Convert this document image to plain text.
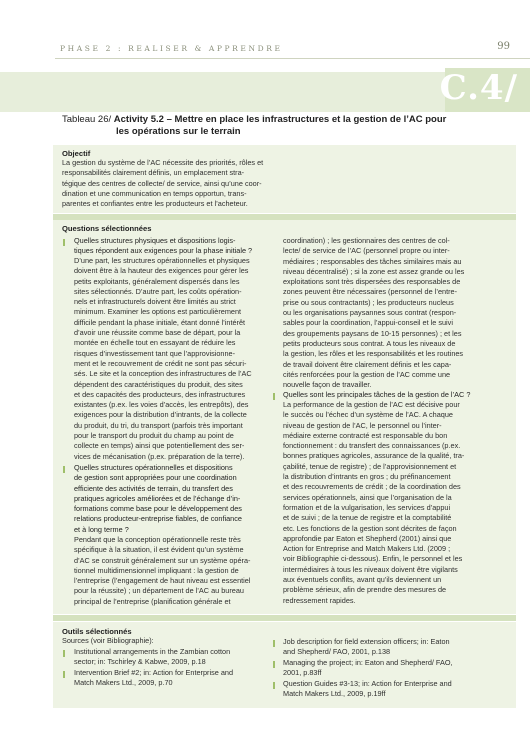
PHASE 2 : REALISER & APPRENDRE	99
C.4/
Tableau 26/ Activity 5.2 – Mettre en place les infrastructures et la gestion de l’AC pour
les opérations sur le terrain
Objectif
La gestion du système de l’AC nécessite des priorités, rôles et
responsabilités clairement définis, un emplacement stra-
tégique des centres de collecte/ de service, ainsi qu’une coor-
dination et une communication en temps opportun, trans-
parentes et confiantes entre les producteurs et l’acheteur.
Questions sélectionnées
Quelles structures physiques et dispositions logis-
tiques répondent aux exigences pour la phase initiale ?
D’une part, les structures opérationnelles et physiques
doivent être à la hauteur des exigences pour gérer les
petits exploitants, généralement dispersés dans les
sites sélectionnés. D’autre part, les coûts opération-
nels et infrastructurels doivent être limités au strict
minimum. Examiner les options est particulièrement
difficile pendant la phase initiale, étant donné l’intérêt
d’avoir une réussite comme base de départ, pour la
montée en échelle tout en essayant de réduire les
risques d’investissement tant que l’approvisionne-
ment et le recouvrement de crédit ne sont pas sécuri-
sés. Le site et la conception des infrastructures de l’AC
dépendent des caractéristiques du produit, des sites
et des capacités des producteurs, des infrastructures
existantes (p.ex. les voies d’accès, les entrepôts), des
exigences pour la distribution d’intrants, de la collecte
du produit, du tri, du transport (parfois très important
pour le transport du produit du champ au point de
collecte en temps) ainsi que potentiellement des ser-
vices de mécanisation (p.ex. préparation de la terre).
Quelles structures opérationnelles et dispositions
de gestion sont appropriées pour une coordination
efficiente des activités de terrain, du transfert des
pratiques agricoles améliorées et de l’échange d’in-
formations comme base pour le développement des
relations producteur-entreprise fiables, de confiance
et à long terme ?
Pendant que la conception opérationnelle reste très
spécifique à la situation, il est évident qu’un système
d’AC se construit généralement sur un système opéra-
tionnel multidimensionnel impliquant : la gestion de
l’entreprise (l’engagement de haut niveau est essentiel
pour la réussite) ; un département de l’AC au bureau
principal de l’entreprise (planification générale et
coordination) ; les gestionnaires des centres de col-
lecte/ de service de l’AC (personnel propre ou inter-
médiaires ; responsables des tâches similaires mais au
niveau décentralisé) ; si la zone est assez grande ou les
exploitations sont très dispersées des responsables de
zones peuvent être nécessaires (personnel de l’entre-
prise ou sous contractants) ; les producteurs nucleus
ou les organisations paysannes sous contrat (respon-
sables pour la coordination, l’appui-conseil et le suivi
des groupements paysans de 10-15 personnes) ; et les
petits producteurs sous contrat. A tous les niveaux de
la gestion, les rôles et les responsabilités et les routines
de travail doivent être clairement définis et les capa-
cités renforcées pour la gestion de l’AC comme une
nouvelle façon de travailler.
Quelles sont les principales tâches de la gestion de l’AC ?
La performance de la gestion de l’AC est décisive pour
le succès ou l’échec d’un système de l’AC. A chaque
niveau de gestion de l’AC, le personnel ou l’inter-
médiaire externe contracté est responsable du bon
fonctionnement : du transfert des connaissances (p.ex.
bonnes pratiques agricoles, assurance de la qualité, tra-
çabilité, tenue de registre) ; de l’approvisionnement et
la distribution d’intrants en gros ; du préfinancement
et des recouvrements de crédit ; de la coordination des
services opérationnels, ainsi que l’organisation de la
formation et de la vulgarisation, les services d’appui
et de suivi ; de la tenue de registre et la comptabilité
etc. Les fonctions de la gestion sont décrites de façon
approfondie par Eaton et Shepherd (2001) ainsi que
Action for Entreprise and Match Makers Ltd. (2009 ;
voir Bibliographie ci-dessous). Enfin, le personnel et les
intermédiaires à tous les niveaux doivent être vigilants
aux éventuels conflits, avant qu’ils deviennent un
problème sérieux, afin de prendre des mesures de
redressement rapides.
Outils sélectionnés
Sources (voir Bibliographie):
Institutional arrangements in the Zambian cotton
sector; in: Tschirley & Kabwe, 2009, p.18
Intervention Brief #2; in: Action for Enterprise and
Match Makers Ltd., 2009, p.70
Job description for field extension officers; in: Eaton
and Shepherd/ FAO, 2001, p.138
Managing the project; in: Eaton and Shepherd/ FAO,
2001, p.83ff
Question Guides #3-13; in: Action for Enterprise and
Match Makers Ltd., 2009, p.19ff
